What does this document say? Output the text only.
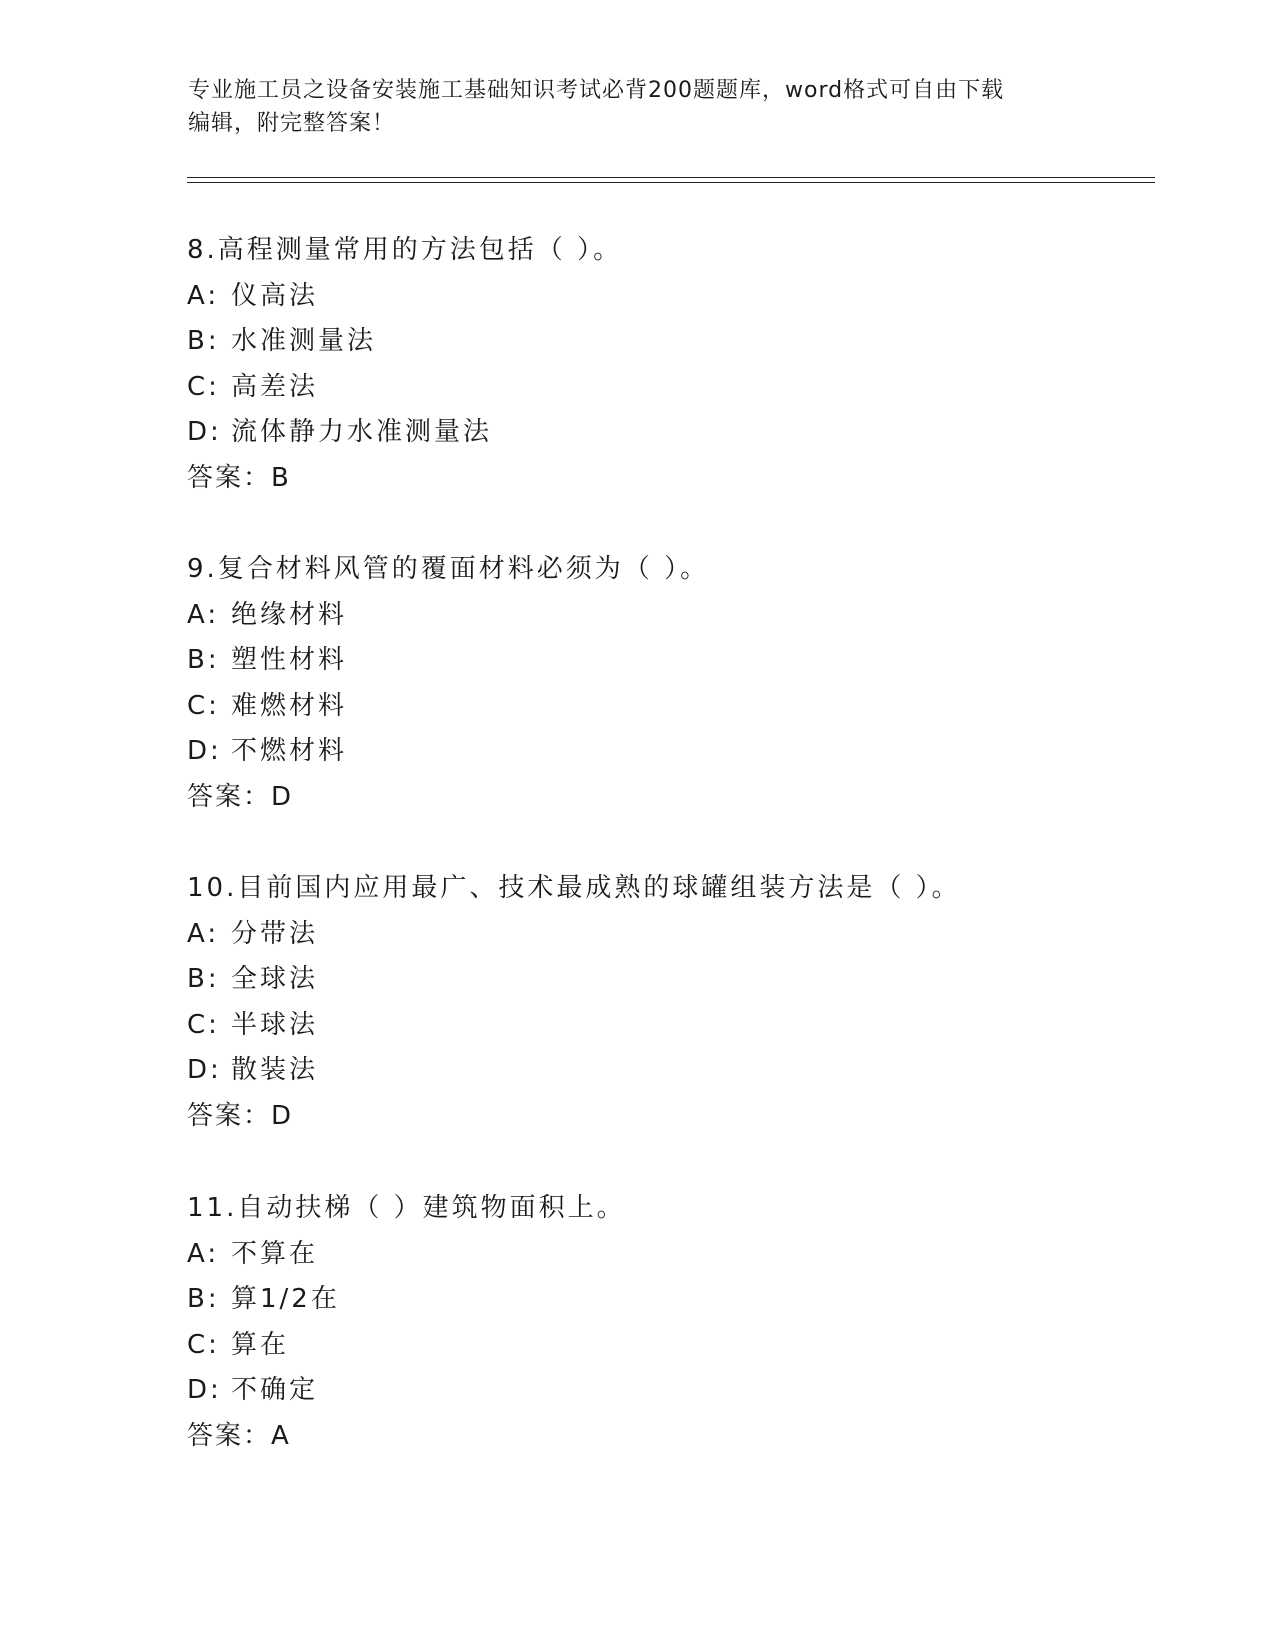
专业施工员之设备安装施工基础知识考试必背200题题库，word格式可自由下载
编辑，附完整答案！
8.高程测量常用的方法包括（ ）。
A: 仪高法
B: 水准测量法
C: 高差法
D: 流体静力水准测量法
答案：B
9.复合材料风管的覆面材料必须为（ ）。
A: 绝缘材料
B: 塑性材料
C: 难燃材料
D: 不燃材料
答案：D
10.目前国内应用最广、技术最成熟的球罐组装方法是（ ）。
A: 分带法
B: 全球法
C: 半球法
D: 散装法
答案：D
11.自动扶梯（ ）建筑物面积上。
A: 不算在
B: 算1/2在
C: 算在
D: 不确定
答案：A
